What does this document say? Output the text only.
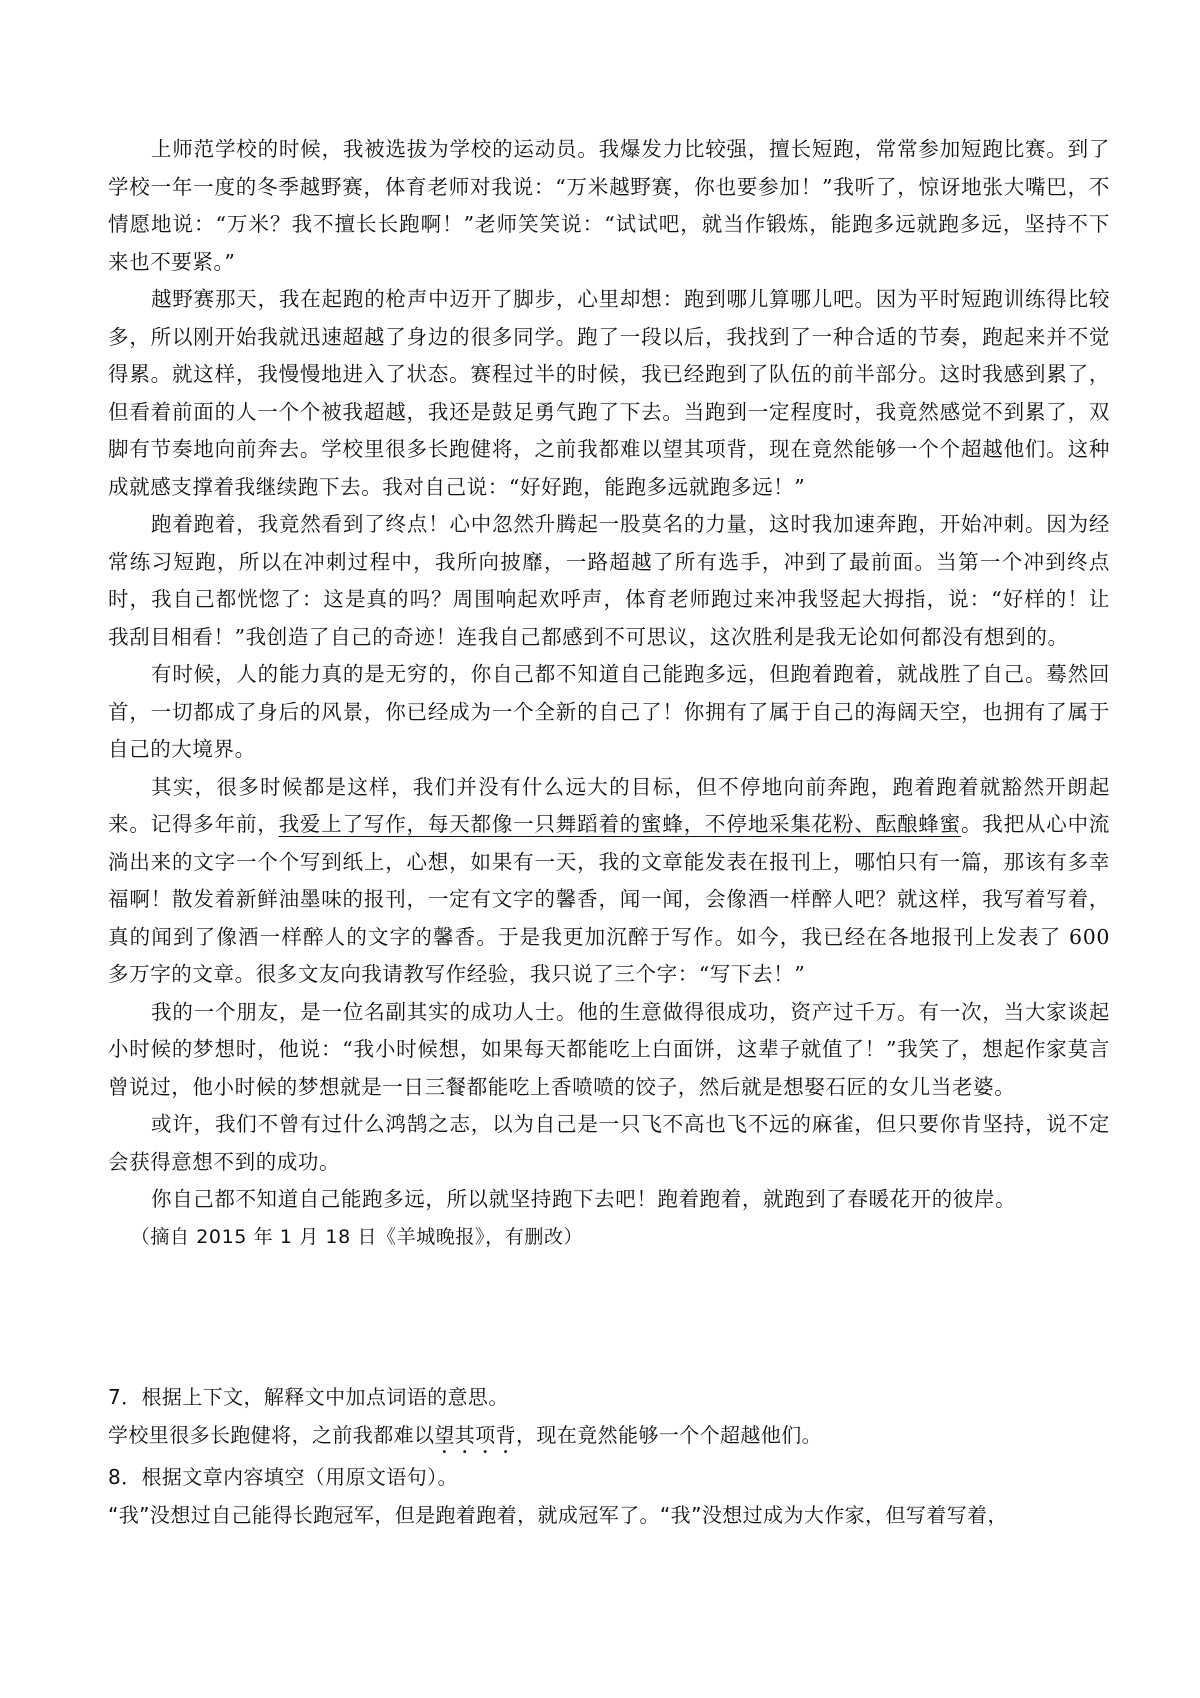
上师范学校的时候，我被选拔为学校的运动员。我爆发力比较强，擅长短跑，常常参加短跑比赛。到了学校一年一度的冬季越野赛，体育老师对我说：“万米越野赛，你也要参加！”我听了，惊讶地张大嘴巴，不情愿地说：“万米？我不擅长长跑啊！”老师笑笑说：“试试吧，就当作锻炼，能跑多远就跑多远，坚持不下来也不要紧。”

越野赛那天，我在起跑的枪声中迈开了脚步，心里却想：跑到哪儿算哪儿吧。因为平时短跑训练得比较多，所以刚开始我就迅速超越了身边的很多同学。跑了一段以后，我找到了一种合适的节奏，跑起来并不觉得累。就这样，我慢慢地进入了状态。赛程过半的时候，我已经跑到了队伍的前半部分。这时我感到累了，但看着前面的人一个个被我超越，我还是鼓足勇气跑了下去。当跑到一定程度时，我竟然感觉不到累了，双脚有节奏地向前奔去。学校里很多长跑健将，之前我都难以望其项背，现在竟然能够一个个超越他们。这种成就感支撑着我继续跑下去。我对自己说：“好好跑，能跑多远就跑多远！”

跑着跑着，我竟然看到了终点！心中忽然升腾起一股莫名的力量，这时我加速奔跑，开始冲刺。因为经常练习短跑，所以在冲刺过程中，我所向披靡，一路超越了所有选手，冲到了最前面。当第一个冲到终点时，我自己都恍惚了：这是真的吗？周围响起欢呼声，体育老师跑过来冲我竖起大拇指，说：“好样的！让我刮目相看！”我创造了自己的奇迹！连我自己都感到不可思议，这次胜利是我无论如何都没有想到的。

有时候，人的能力真的是无穷的，你自己都不知道自己能跑多远，但跑着跑着，就战胜了自己。蓦然回首，一切都成了身后的风景，你已经成为一个全新的自己了！你拥有了属于自己的海阔天空，也拥有了属于自己的大境界。

其实，很多时候都是这样，我们并没有什么远大的目标，但不停地向前奔跑，跑着跑着就豁然开朗起来。记得多年前，我爱上了写作，每天都像一只舞蹈着的蜜蜂，不停地采集花粉、酝酿蜂蜜。我把从心中流淌出来的文字一个个写到纸上，心想，如果有一天，我的文章能发表在报刊上，哪怕只有一篇，那该有多幸福啊！散发着新鲜油墨味的报刊，一定有文字的馨香，闻一闻，会像酒一样醉人吧？就这样，我写着写着，真的闻到了像酒一样醉人的文字的馨香。于是我更加沉醉于写作。如今，我已经在各地报刊上发表了 600 多万字的文章。很多文友向我请教写作经验，我只说了三个字：“写下去！”

我的一个朋友，是一位名副其实的成功人士。他的生意做得很成功，资产过千万。有一次，当大家谈起小时候的梦想时，他说：“我小时候想，如果每天都能吃上白面饼，这辈子就值了！”我笑了，想起作家莫言曾说过，他小时候的梦想就是一日三餐都能吃上香喷喷的饺子，然后就是想娶石匠的女儿当老婆。

或许，我们不曾有过什么鸿鹄之志，以为自己是一只飞不高也飞不远的麻雀，但只要你肯坚持，说不定会获得意想不到的成功。

你自己都不知道自己能跑多远，所以就坚持跑下去吧！跑着跑着，就跑到了春暖花开的彼岸。

（摘自 2015 年 1 月 18 日《羊城晚报》，有删改）

7．根据上下文，解释文中加点词语的意思。

学校里很多长跑健将，之前我都难以望其项背，现在竟然能够一个个超越他们。

8．根据文章内容填空（用原文语句）。

“我”没想过自己能得长跑冠军，但是跑着跑着，就成冠军了。“我”没想过成为大作家，但写着写着，
